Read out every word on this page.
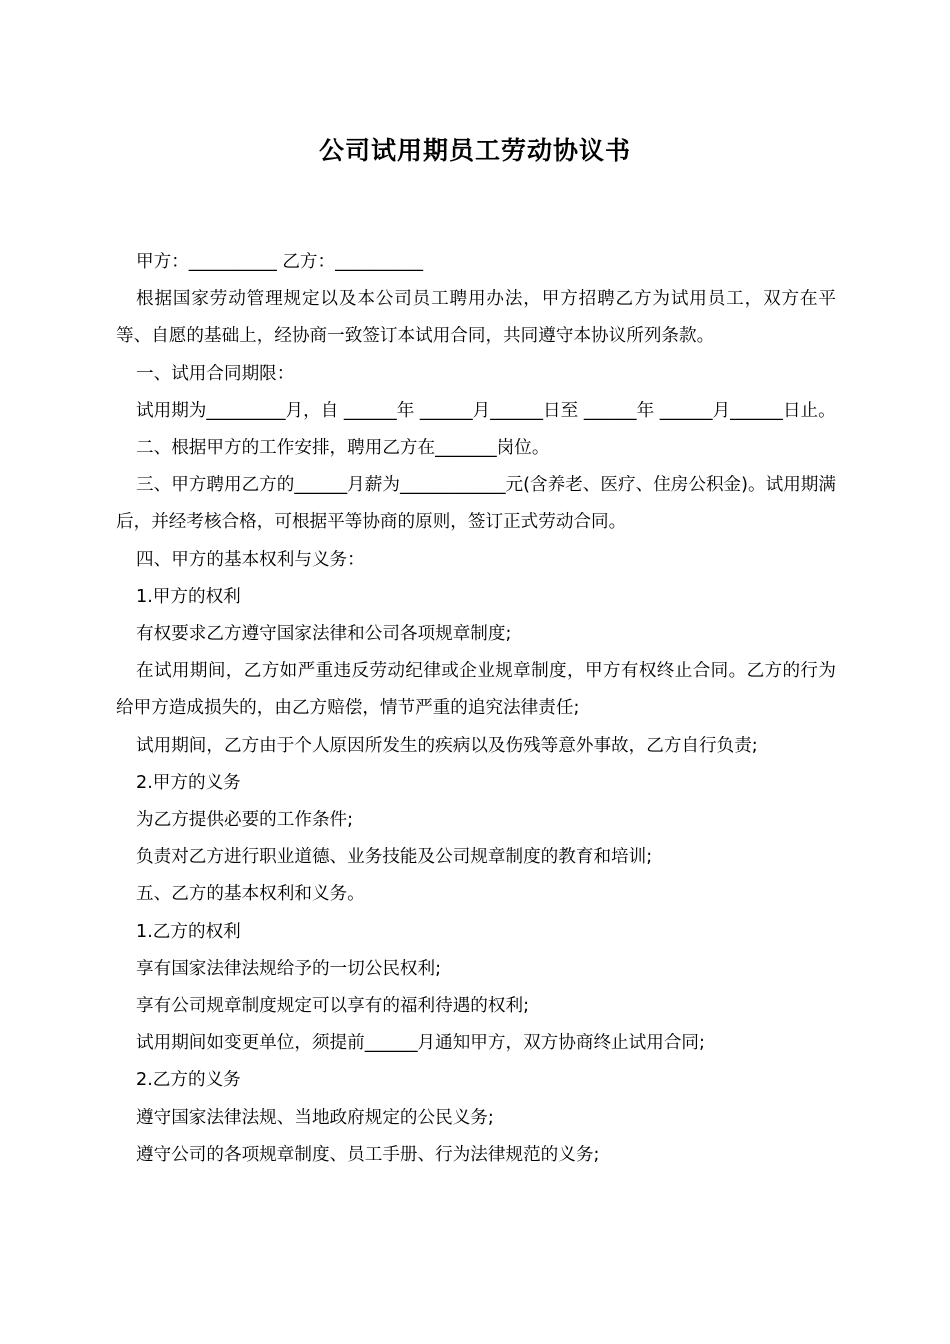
公司试用期员工劳动协议书

甲方：__________ 乙方：__________

根据国家劳动管理规定以及本公司员工聘用办法，甲方招聘乙方为试用员工，双方在平等、自愿的基础上，经协商一致签订本试用合同，共同遵守本协议所列条款。

一、试用合同期限：

试用期为_________月，自 ______年 ______月______日至 ______年 ______月______日止。

二、根据甲方的工作安排，聘用乙方在_______岗位。

三、甲方聘用乙方的______月薪为____________元(含养老、医疗、住房公积金)。试用期满后，并经考核合格，可根据平等协商的原则，签订正式劳动合同。

四、甲方的基本权利与义务：

1.甲方的权利

有权要求乙方遵守国家法律和公司各项规章制度;

在试用期间，乙方如严重违反劳动纪律或企业规章制度，甲方有权终止合同。乙方的行为给甲方造成损失的，由乙方赔偿，情节严重的追究法律责任;

试用期间，乙方由于个人原因所发生的疾病以及伤残等意外事故，乙方自行负责;

2.甲方的义务

为乙方提供必要的工作条件;

负责对乙方进行职业道德、业务技能及公司规章制度的教育和培训;

五、乙方的基本权利和义务。

1.乙方的权利

享有国家法律法规给予的一切公民权利;

享有公司规章制度规定可以享有的福利待遇的权利;

试用期间如变更单位，须提前______月通知甲方，双方协商终止试用合同;

2.乙方的义务

遵守国家法律法规、当地政府规定的公民义务;

遵守公司的各项规章制度、员工手册、行为法律规范的义务;
